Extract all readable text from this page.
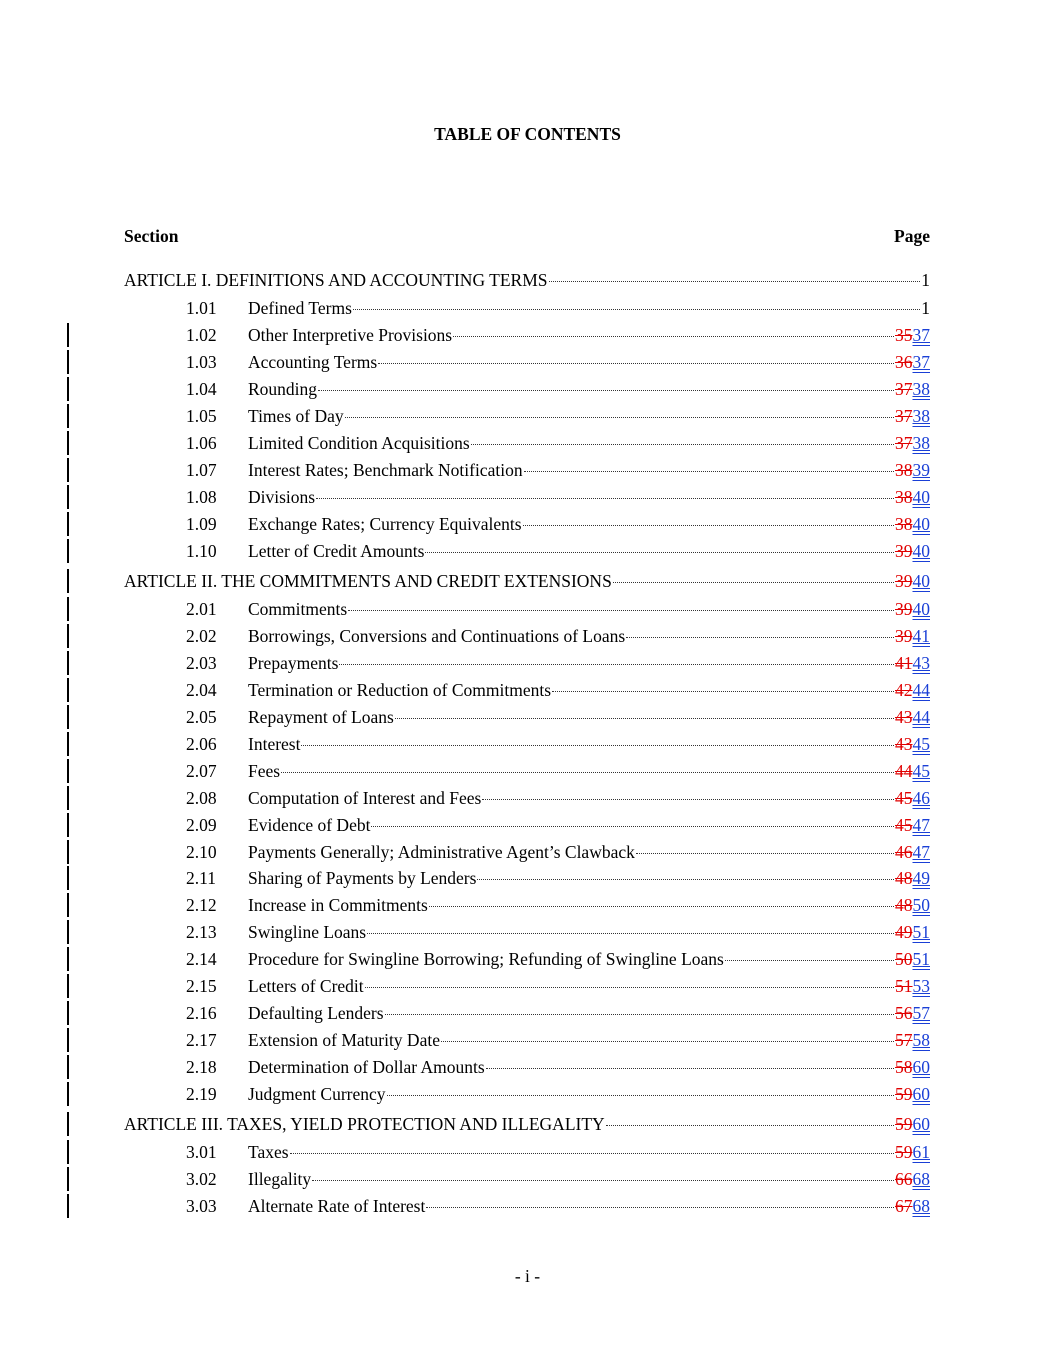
TABLE OF CONTENTS
Section	Page
ARTICLE I. DEFINITIONS AND ACCOUNTING TERMS	1
1.01	Defined Terms	1
1.02	Other Interpretive Provisions	3537
1.03	Accounting Terms	3637
1.04	Rounding	3738
1.05	Times of Day	3738
1.06	Limited Condition Acquisitions	3738
1.07	Interest Rates; Benchmark Notification	3839
1.08	Divisions	3840
1.09	Exchange Rates; Currency Equivalents	3840
1.10	Letter of Credit Amounts	3940
ARTICLE II. THE COMMITMENTS AND CREDIT EXTENSIONS	3940
2.01	Commitments	3940
2.02	Borrowings, Conversions and Continuations of Loans	3941
2.03	Prepayments	4143
2.04	Termination or Reduction of Commitments	4244
2.05	Repayment of Loans	4344
2.06	Interest	4345
2.07	Fees	4445
2.08	Computation of Interest and Fees	4546
2.09	Evidence of Debt	4547
2.10	Payments Generally; Administrative Agent’s Clawback	4647
2.11	Sharing of Payments by Lenders	4849
2.12	Increase in Commitments	4850
2.13	Swingline Loans	4951
2.14	Procedure for Swingline Borrowing; Refunding of Swingline Loans	5051
2.15	Letters of Credit	5153
2.16	Defaulting Lenders	5657
2.17	Extension of Maturity Date	5758
2.18	Determination of Dollar Amounts	5860
2.19	Judgment Currency	5960
ARTICLE III. TAXES, YIELD PROTECTION AND ILLEGALITY	5960
3.01	Taxes	5961
3.02	Illegality	6668
3.03	Alternate Rate of Interest	6768
- i -
